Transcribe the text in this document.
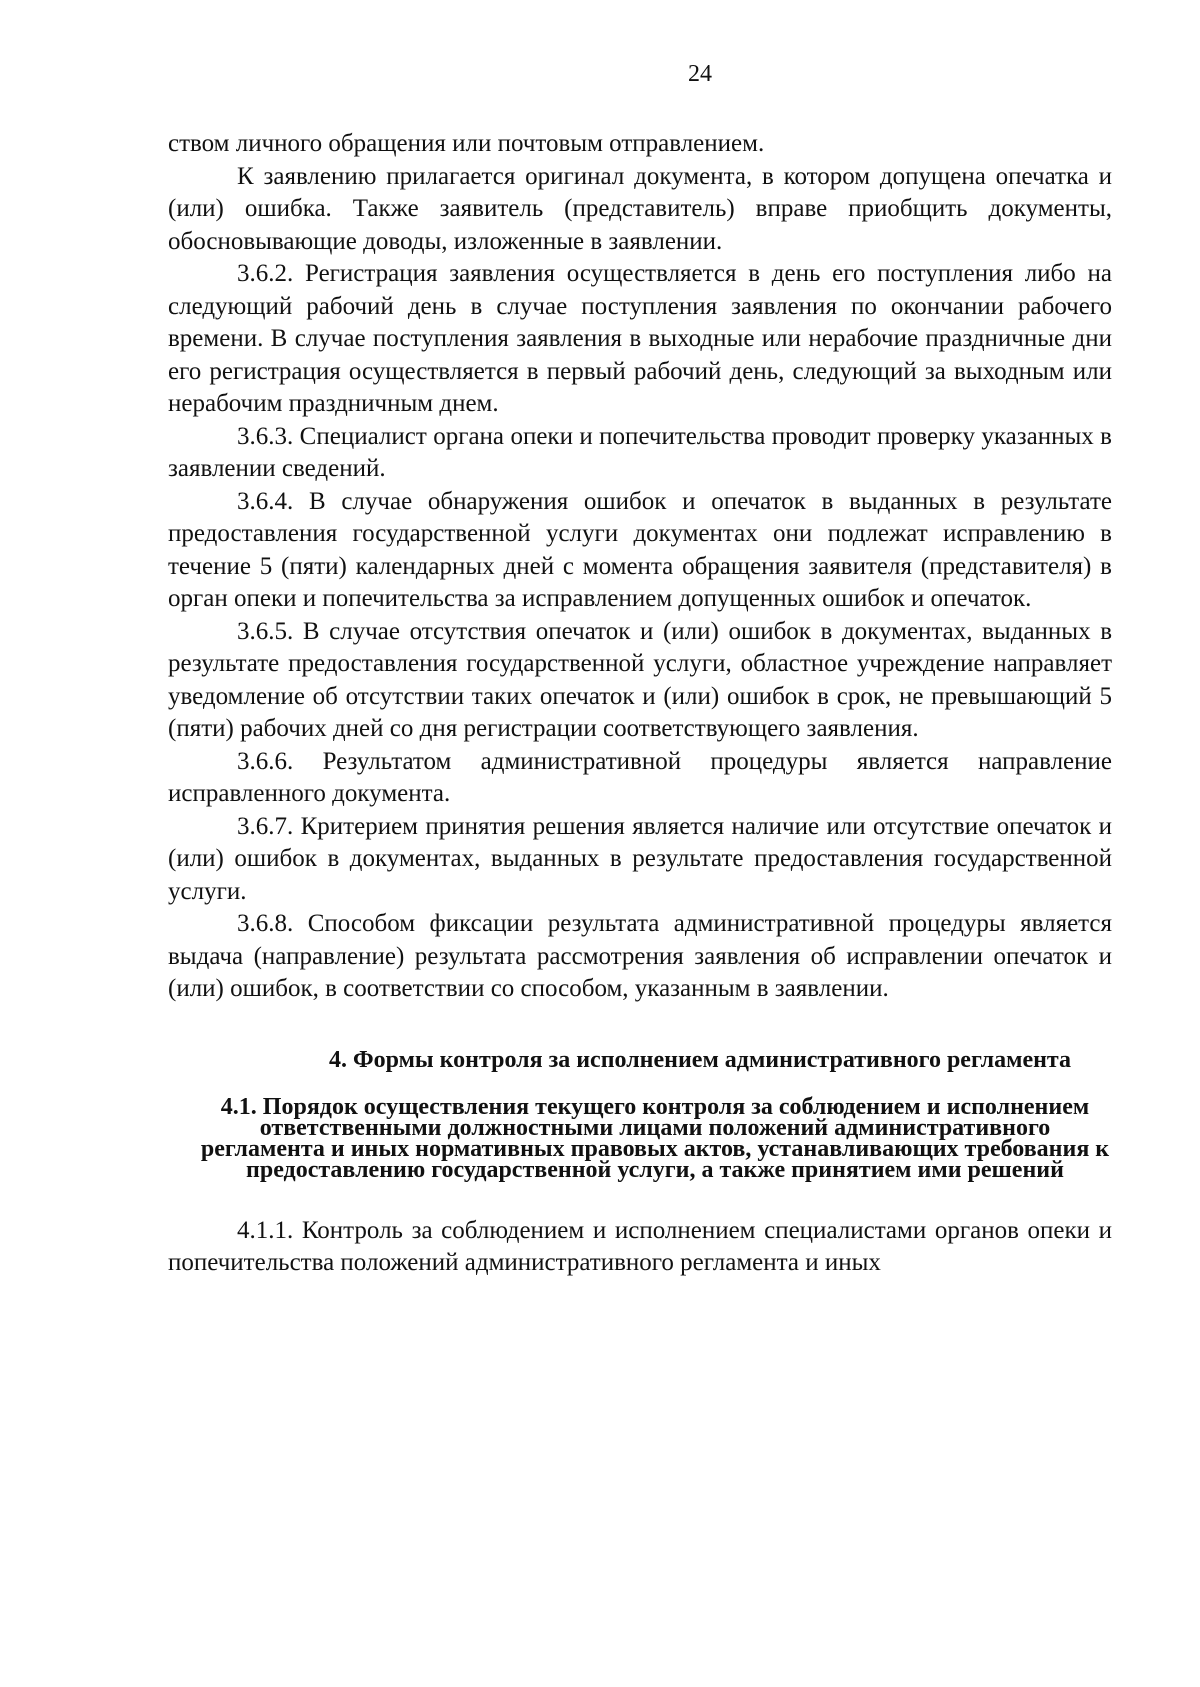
24

ством личного обращения или почтовым отправлением.

К заявлению прилагается оригинал документа, в котором допущена опечатка и (или) ошибка. Также заявитель (представитель) вправе приобщить документы, обосновывающие доводы, изложенные в заявлении.

3.6.2. Регистрация заявления осуществляется в день его поступления либо на следующий рабочий день в случае поступления заявления по окончании рабочего времени. В случае поступления заявления в выходные или нерабочие праздничные дни его регистрация осуществляется в первый рабочий день, следующий за выходным или нерабочим праздничным днем.

3.6.3. Специалист органа опеки и попечительства проводит проверку указанных в заявлении сведений.

3.6.4. В случае обнаружения ошибок и опечаток в выданных в результате предоставления государственной услуги документах они подлежат исправлению в течение 5 (пяти) календарных дней с момента обращения заявителя (представителя) в орган опеки и попечительства за исправлением допущенных ошибок и опечаток.

3.6.5. В случае отсутствия опечаток и (или) ошибок в документах, выданных в результате предоставления государственной услуги, областное учреждение направляет уведомление об отсутствии таких опечаток и (или) ошибок в срок, не превышающий 5 (пяти) рабочих дней со дня регистрации соответствующего заявления.

3.6.6. Результатом административной процедуры является направление исправленного документа.

3.6.7. Критерием принятия решения является наличие или отсутствие опечаток и (или) ошибок в документах, выданных в результате предоставления государственной услуги.

3.6.8. Способом фиксации результата административной процедуры является выдача (направление) результата рассмотрения заявления об исправлении опечаток и (или) ошибок, в соответствии со способом, указанным в заявлении.

4. Формы контроля за исполнением административного регламента
4.1. Порядок осуществления текущего контроля за соблюдением и исполнением ответственными должностными лицами положений административного регламента и иных нормативных правовых актов, устанавливающих требования к предоставлению государственной услуги, а также принятием ими решений

4.1.1. Контроль за соблюдением и исполнением специалистами органов опеки и попечительства положений административного регламента и иных
